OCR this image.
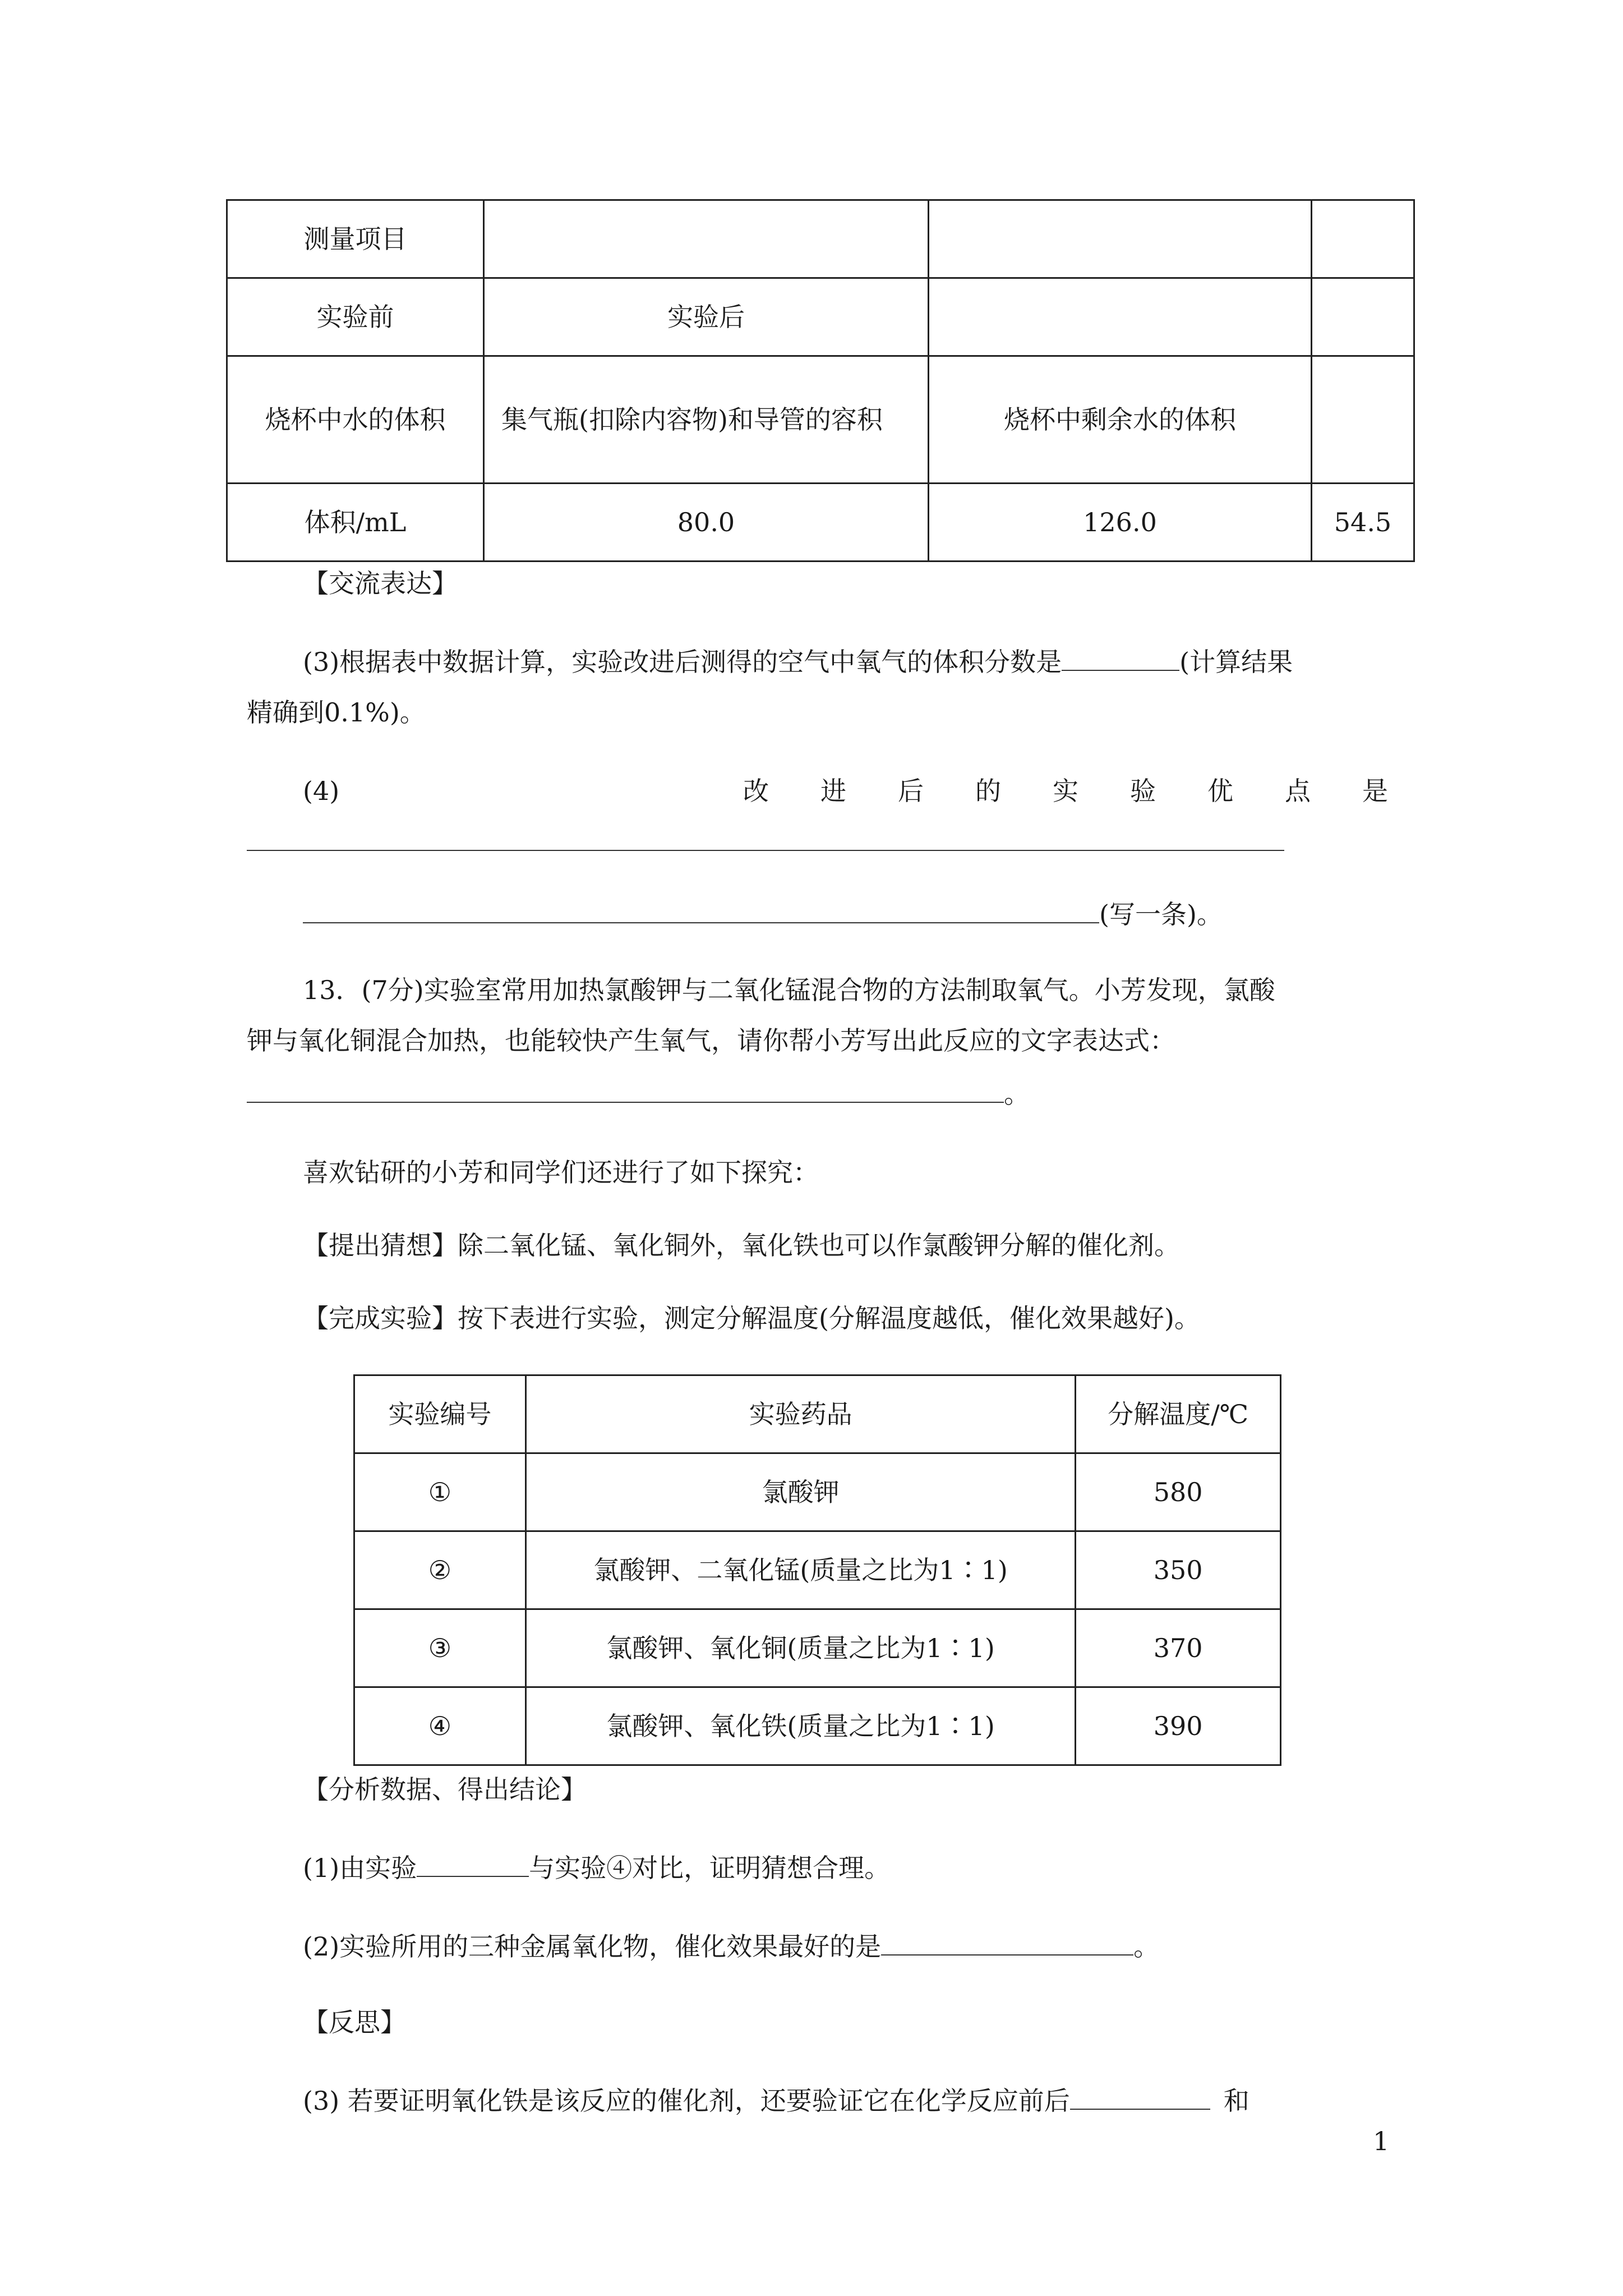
测量项目			
实验前	实验后		
烧杯中水的体积	集气瓶(扣除内容物)和导管的容积	烧杯中剩余水的体积	
体积/mL	80.0	126.0	54.5
【交流表达】
(3)根据表中数据计算，实验改进后测得的空气中氧气的体积分数是	(计算结果
精确到0.1%)。
(4)	改 进 后 的 实 验 优 点 是
(写一条)。
13．(7分)实验室常用加热氯酸钾与二氧化锰混合物的方法制取氧气。小芳发现，氯酸
钾与氧化铜混合加热，也能较快产生氧气，请你帮小芳写出此反应的文字表达式：
。
喜欢钻研的小芳和同学们还进行了如下探究：
【提出猜想】除二氧化锰、氧化铜外，氧化铁也可以作氯酸钾分解的催化剂。
【完成实验】按下表进行实验，测定分解温度(分解温度越低，催化效果越好)。
实验编号	实验药品	分解温度/℃
①	氯酸钾	580
②	氯酸钾、二氧化锰(质量之比为1∶1)	350
③	氯酸钾、氧化铜(质量之比为1∶1)	370
④	氯酸钾、氧化铁(质量之比为1∶1)	390
【分析数据、得出结论】
(1)由实验	与实验④对比，证明猜想合理。
(2)实验所用的三种金属氧化物，催化效果最好的是	。
【反思】
(3) 若要证明氧化铁是该反应的催化剂，还要验证它在化学反应前后	和
1
